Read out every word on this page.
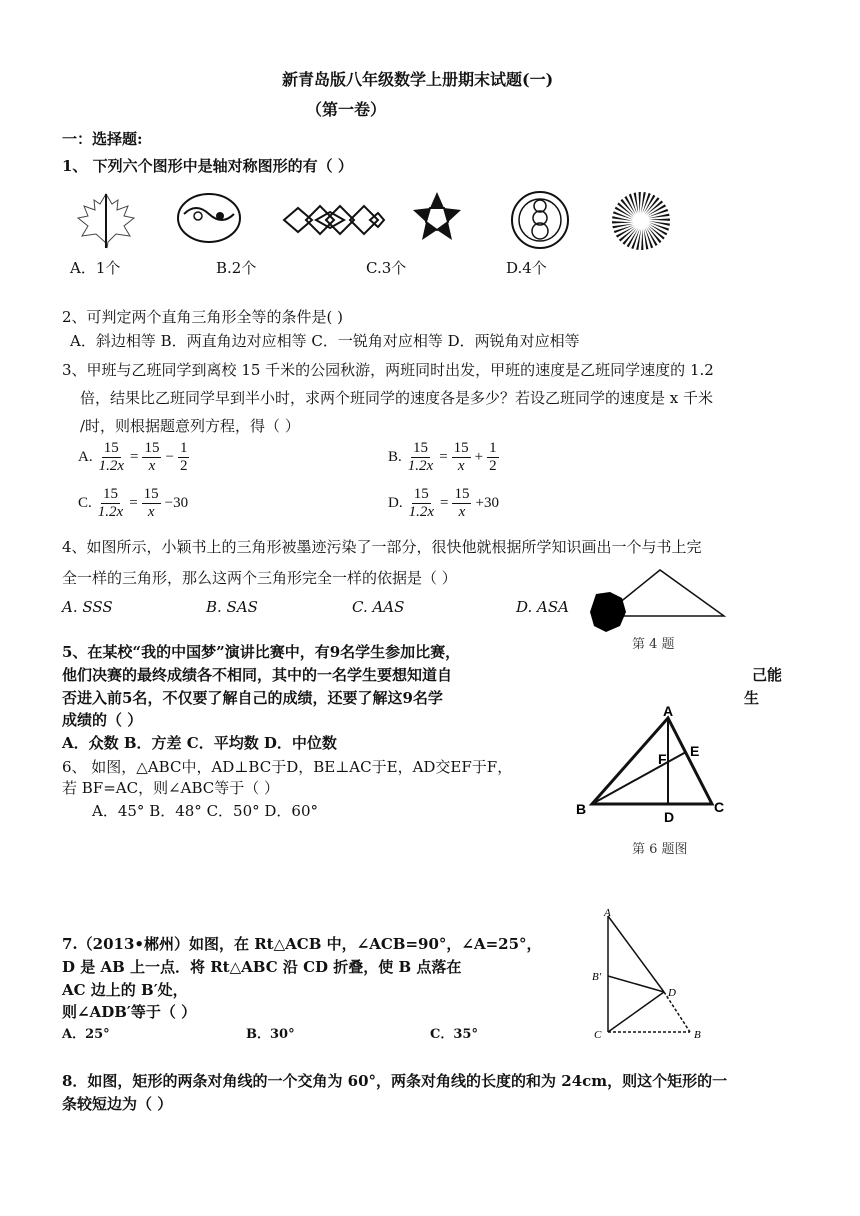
新青岛版八年级数学上册期末试题(一)
（第一卷）
一：选择题:
1、 下列六个图形中是轴对称图形的有（ ）
A．1个	B.2个	C.3个	D.4个
2、可判定两个直角三角形全等的条件是( )
A．斜边相等 B．两直角边对应相等 C．一锐角对应相等 D．两锐角对应相等
3、甲班与乙班同学到离校 15 千米的公园秋游，两班同时出发，甲班的速度是乙班同学速度的 1.2
倍，结果比乙班同学早到半小时，求两个班同学的速度各是多少？若设乙班同学的速度是 x 千米
/时，则根据题意列方程，得（ ）
A. $\frac{15}{1.2x} = \frac{15}{x} - \frac{1}{2}$	B. $\frac{15}{1.2x} = \frac{15}{x} + \frac{1}{2}$
C. $\frac{15}{1.2x} = \frac{15}{x} -30$	D. $\frac{15}{1.2x} = \frac{15}{x} +30$
4、如图所示，小颖书上的三角形被墨迹污染了一部分，很快他就根据所学知识画出一个与书上完
全一样的三角形，那么这两个三角形完全一样的依据是（ ）
A. SSS	B. SAS	C. AAS	D. ASA
第 4 题
5、在某校“我的中国梦”演讲比赛中，有9名学生参加比赛，
他们决赛的最终成绩各不相同，其中的一名学生要想知道自	己能
否进入前5名，不仅要了解自己的成绩，还要了解这9名学	生
成绩的（ ）
A．众数 B．方差 C．平均数 D．中位数
6、 如图，△ABC中，AD⊥BC于D，BE⊥AC于E，AD交EF于F，
若 BF=AC，则∠ABC等于（ ）
A．45° B．48° C．50° D．60°
A
E
F
B	D
C
第 6 题图
7.（2013•郴州）如图，在 Rt△ACB 中，∠ACB=90°，∠A=25°，
D 是 AB 上一点．将 Rt△ABC 沿 CD 折叠，使 B 点落在
AC 边上的 B′处，
则∠ADB′等于（ ）
A．25°	B．30°	C．35°
A
B′
D
C	B
8．如图，矩形的两条对角线的一个交角为 60°，两条对角线的长度的和为 24cm，则这个矩形的一
条较短边为（ ）
